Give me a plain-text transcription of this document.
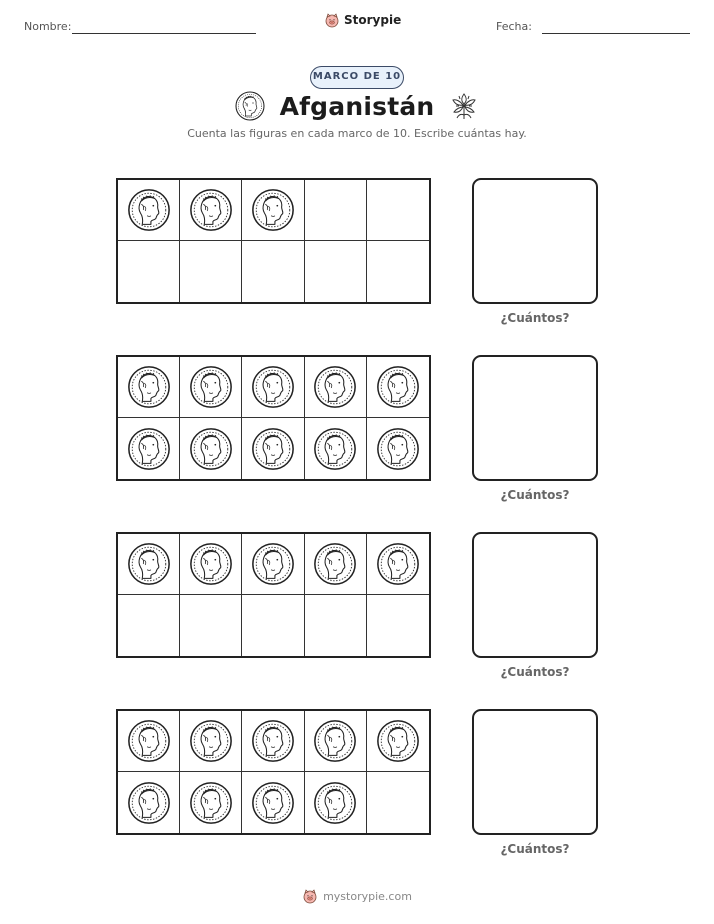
Nombre:	Storypie	Fecha:
MARCO DE 10
Afganistán

Cuenta las figuras en cada marco de 10. Escribe cuántas hay.

¿Cuántos?
¿Cuántos?
¿Cuántos?
¿Cuántos?
mystorypie.com
